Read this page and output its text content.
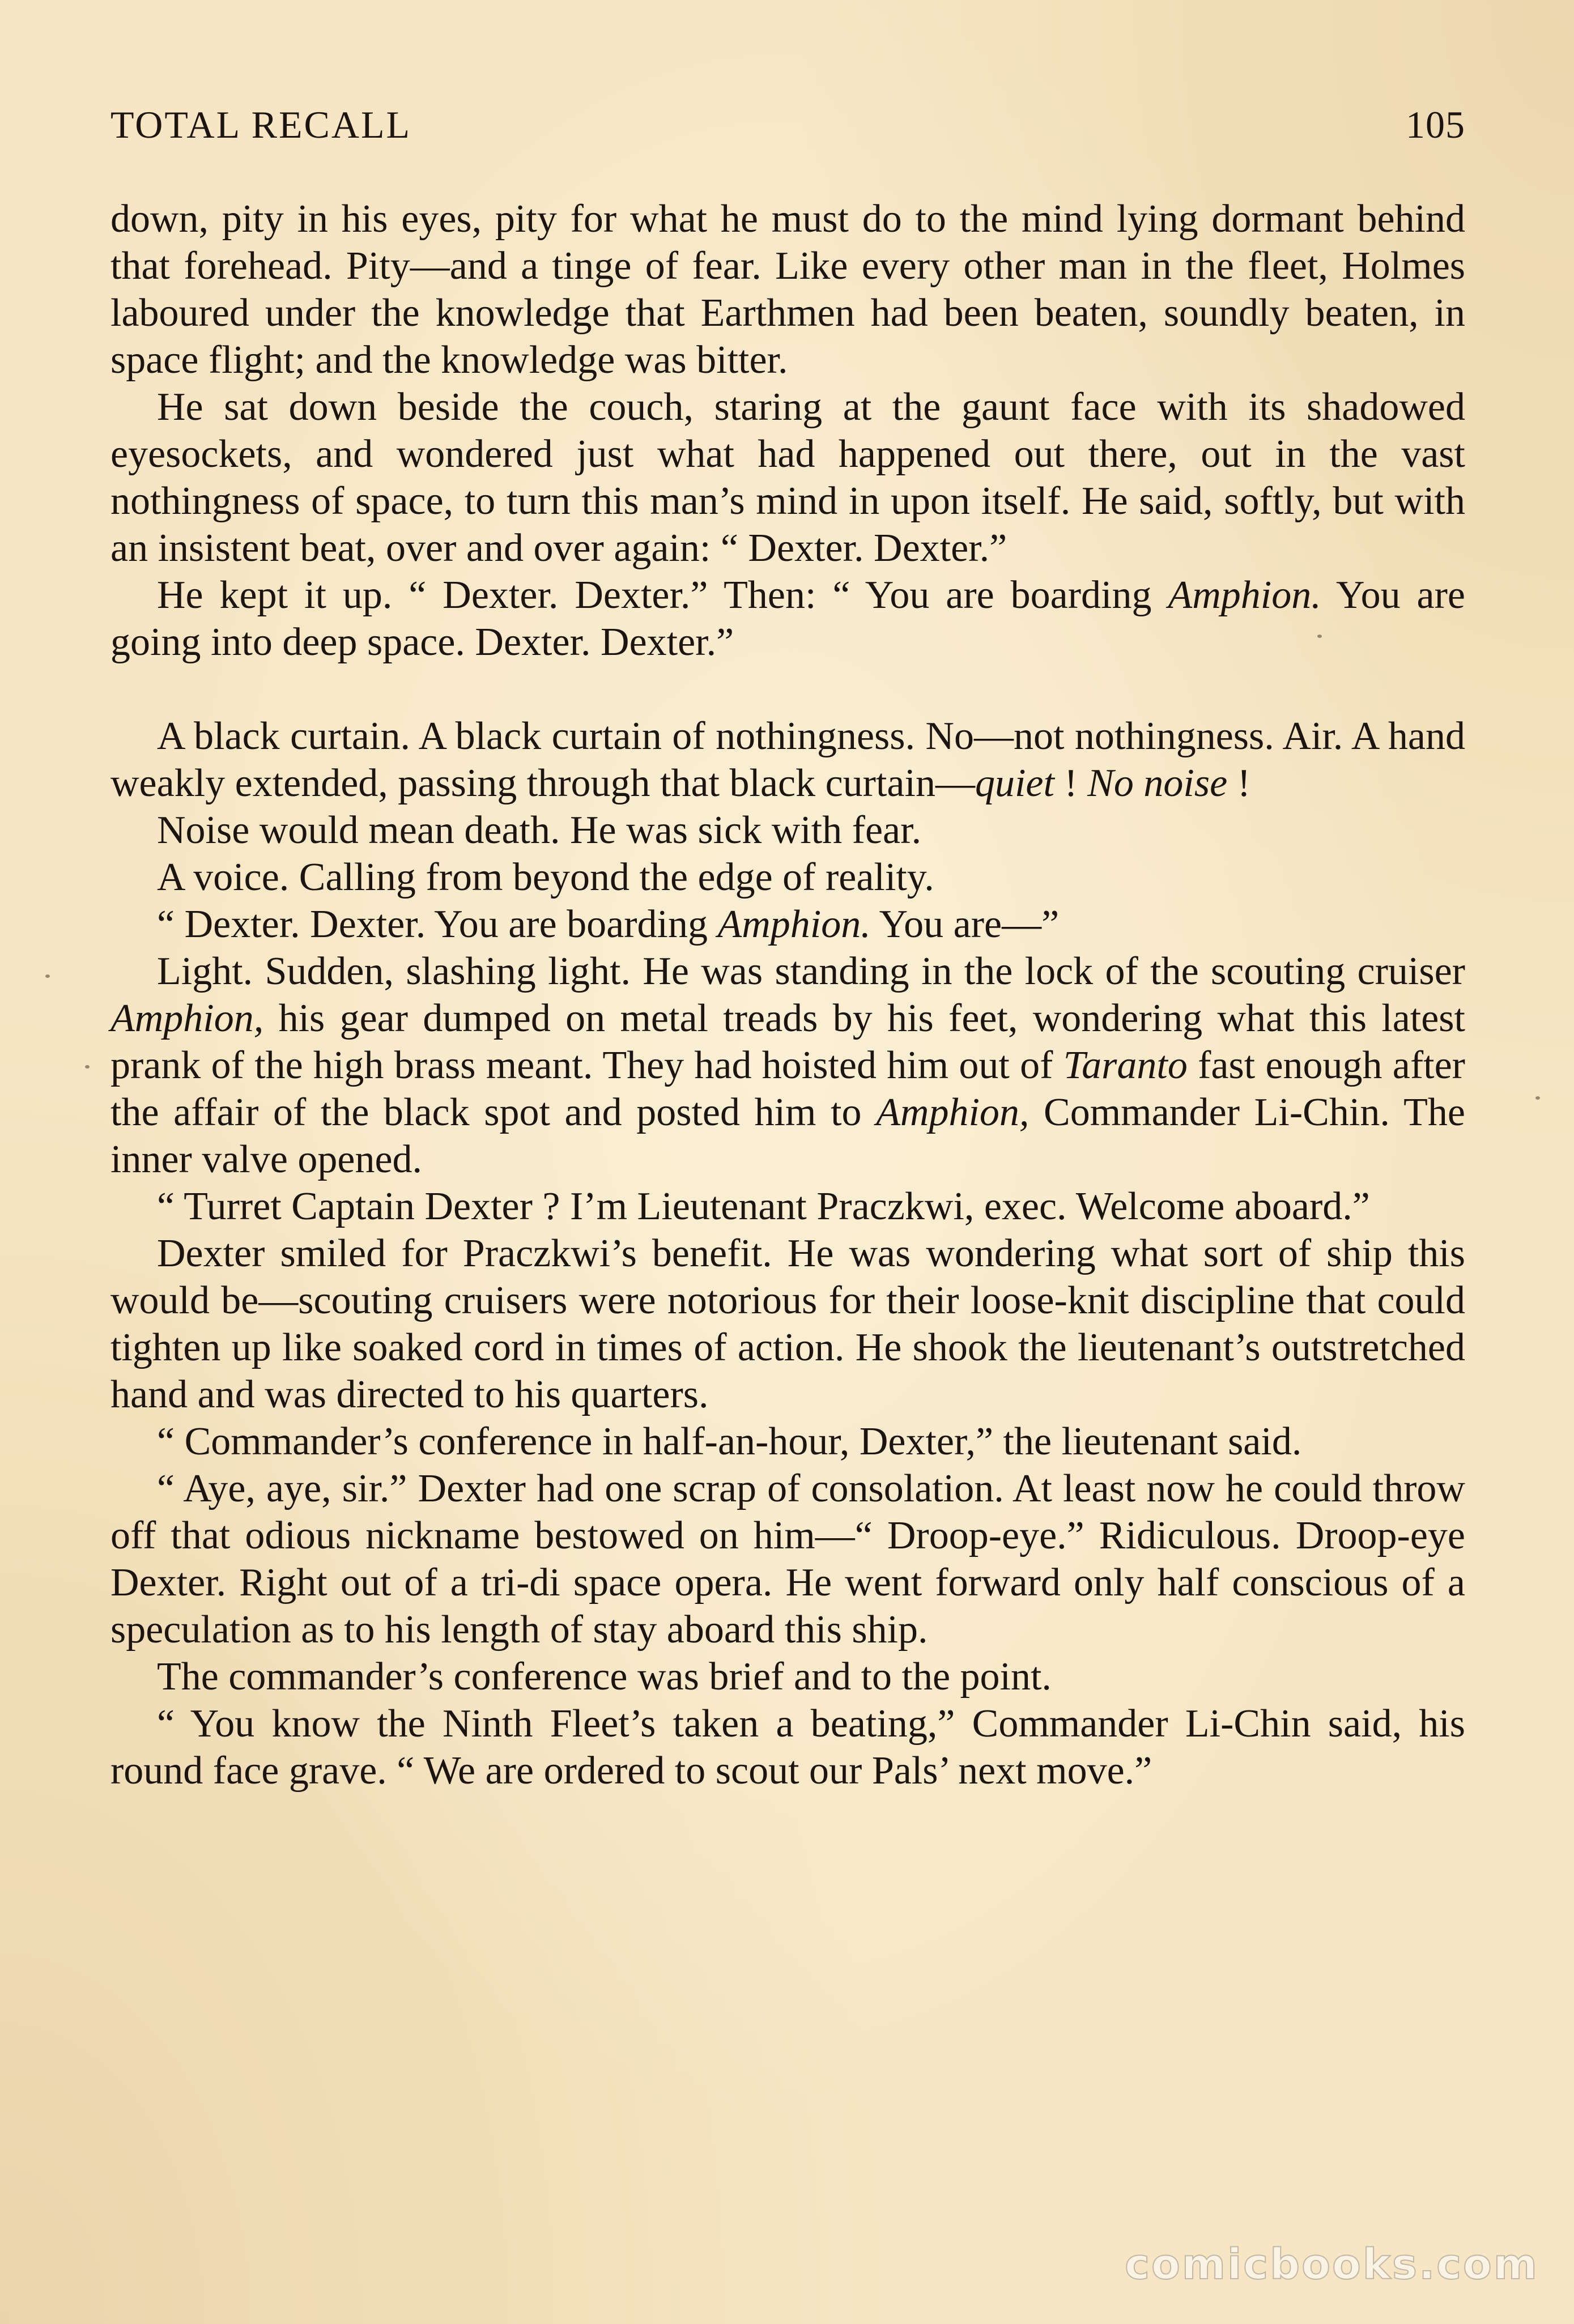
TOTAL RECALL	105

down, pity in his eyes, pity for what he must do to the mind lying dormant behind that forehead. Pity—and a tinge of fear. Like every other man in the fleet, Holmes laboured under the knowledge that Earthmen had been beaten, soundly beaten, in space flight; and the knowledge was bitter.

He sat down beside the couch, staring at the gaunt face with its shadowed eyesockets, and wondered just what had happened out there, out in the vast nothingness of space, to turn this man’s mind in upon itself. He said, softly, but with an insistent beat, over and over again: “ Dexter. Dexter.”

He kept it up. “ Dexter. Dexter.” Then: “ You are boarding Amphion. You are going into deep space. Dexter. Dexter.”

A black curtain. A black curtain of nothingness. No—not nothingness. Air. A hand weakly extended, passing through that black curtain—quiet ! No noise !

Noise would mean death. He was sick with fear.

A voice. Calling from beyond the edge of reality.

“ Dexter. Dexter. You are boarding Amphion. You are—”

Light. Sudden, slashing light. He was standing in the lock of the scouting cruiser Amphion, his gear dumped on metal treads by his feet, wondering what this latest prank of the high brass meant. They had hoisted him out of Taranto fast enough after the affair of the black spot and posted him to Amphion, Commander Li-Chin. The inner valve opened.

“ Turret Captain Dexter ? I’m Lieutenant Praczkwi, exec. Welcome aboard.”

Dexter smiled for Praczkwi’s benefit. He was wondering what sort of ship this would be—scouting cruisers were notorious for their loose-knit discipline that could tighten up like soaked cord in times of action. He shook the lieutenant’s outstretched hand and was directed to his quarters.

“ Commander’s conference in half-an-hour, Dexter,” the lieutenant said.

“ Aye, aye, sir.” Dexter had one scrap of consolation. At least now he could throw off that odious nickname bestowed on him—“ Droop-eye.” Ridiculous. Droop-eye Dexter. Right out of a tri-di space opera. He went forward only half conscious of a speculation as to his length of stay aboard this ship.

The commander’s conference was brief and to the point.

“ You know the Ninth Fleet’s taken a beating,” Commander Li-Chin said, his round face grave. “ We are ordered to scout our Pals’ next move.”

comicbooks.com
